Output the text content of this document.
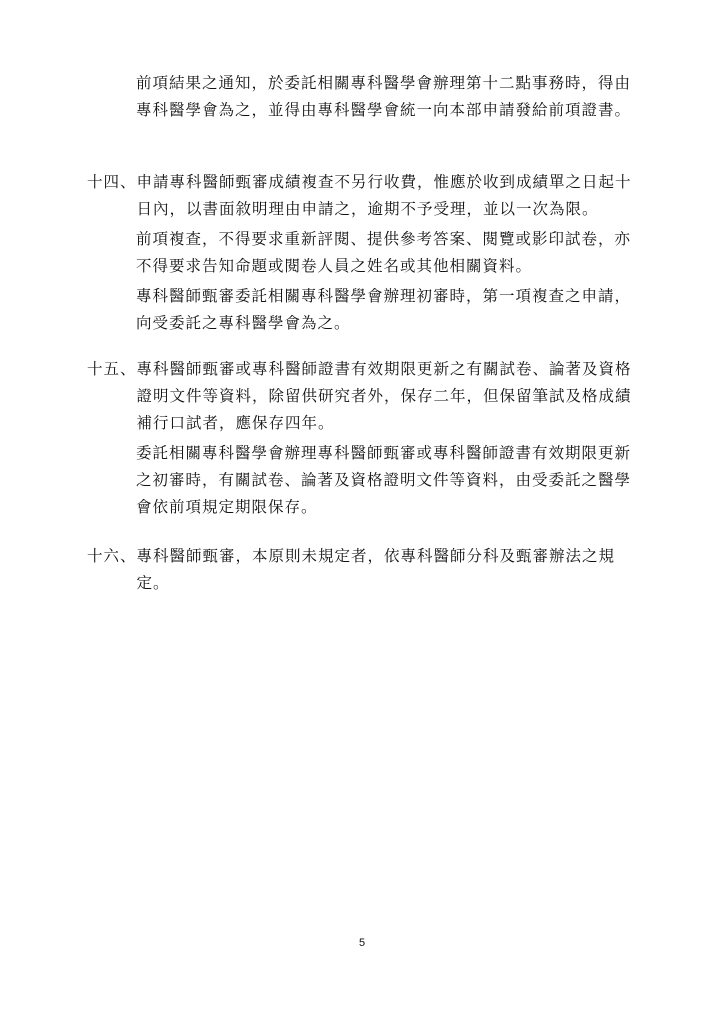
前項結果之通知，於委託相關專科醫學會辦理第十二點事務時，得由專科醫學會為之，並得由專科醫學會統一向本部申請發給前項證書。

十四、 申請專科醫師甄審成績複查不另行收費，惟應於收到成績單之日起十日內，以書面敘明理由申請之，逾期不予受理，並以一次為限。

前項複查，不得要求重新評閱、提供參考答案、閱覽或影印試卷，亦不得要求告知命題或閱卷人員之姓名或其他相關資料。

專科醫師甄審委託相關專科醫學會辦理初審時，第一項複查之申請，向受委託之專科醫學會為之。

十五、 專科醫師甄審或專科醫師證書有效期限更新之有關試卷、論著及資格證明文件等資料，除留供研究者外，保存二年，但保留筆試及格成績補行口試者，應保存四年。

委託相關專科醫學會辦理專科醫師甄審或專科醫師證書有效期限更新之初審時，有關試卷、論著及資格證明文件等資料，由受委託之醫學會依前項規定期限保存。

十六、 專科醫師甄審，本原則未規定者，依專科醫師分科及甄審辦法之規定。
5
